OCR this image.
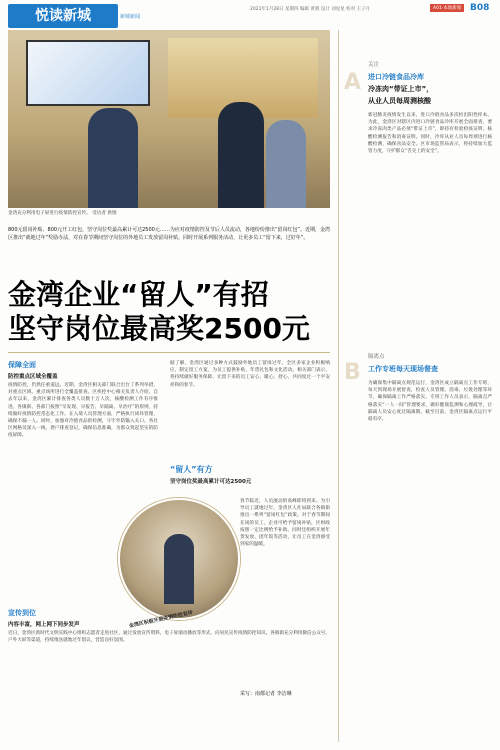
悦读新城	新城新闻
2021年1月28日 星期四 编辑 黄燕 设计 刘星星 校对 王子月	A01·本地新闻 B08
金湾充分利用电子屏进行疫情防控宣传。 受访者 供图
800元留岗补贴、800元开工红包，坚守岗位奖最高累计可达2500元……为应对疫情防控及节后人员流动，各地纷纷推出“留岗红包”。近期，金湾区推出“就地过年”奖励办法，对在春节期间坚守岗位的外地员工发放留岗补贴，同时开展系列服务活动，让更多员工“留下来，过好年”。
金湾企业“留人”有招
坚守岗位最高奖2500元
保障全面
防控重点区域全覆盖
疫情防控，仍然任重道远。近期，金湾区相关部门联合出台了系列举措，对重点区域、重点场所进行全覆盖排查。区疾控中心相关负责人介绍，自去年以来，金湾区累计排查各类人员数十万人次，核酸检测工作有序推进。各镇街、各部门按照“早发现、早报告、早隔离、早治疗”的原则，持续做好疫情防控常态化工作。在入境人员管理方面，严格执行闭环管理，确保不漏一人。同时，加强对冷链食品的检测，守牢外防输入关口。各社区网格员深入一线，逐户排查登记，确保信息准确，为群众筑起坚实的防疫屏障。
宣传到位
内容丰富，网上网下同步发声
近日，金湾区新时代文明实践中心组织志愿者走进社区，通过发放宣传资料、电子屏滚动播放等形式，向居民宣传疫情防控知识。各镇街充分利用微信公众号、户外大屏等渠道，持续推送就地过年倡议，营造良好氛围。
据了解，金湾区通过多种方式鼓励外地员工留岗过年，全区多家企业积极响应，制定留工方案，为员工提供补贴、年货礼包和文化活动。相关部门表示，将持续做好服务保障，让留下来的员工安心、暖心、舒心，共同度过一个平安祥和的春节。
“留人”有方
坚守岗位奖最高累计可达2500元
金湾区积极开展疫情防控宣传
春节临近，人员流动的高峰即将到来。为引导员工就地过年，金湾区人社局联合各镇街推出一系列“留岗红包”政策。对于春节期间在岗的员工，企业可给予留岗补贴，区财政按照一定比例给予补助。同时还组织开展年货发放、团年饭等活动，让员工在金湾感受到家的温暖。
采写：南都记者 李洁琳
A
关注
进口冷链食品冷库
冷冻肉“带证上市”，
从业人员每周测核酸
新冠肺炎疫情发生以来，进口冷链食品多次检出阳性样本。为此，金湾区对辖区内进口冷链食品冷库开展全面排查，要求冷冻肉类产品必须“带证上市”，即持有检验检疫证明、核酸检测报告和消毒证明。同时，冷库从业人员每周须进行核酸检测，确保食品安全。区市场监管局表示，将持续加大监管力度，守护群众“舌尖上的安全”。
B
隔离点
工作专班每天现场督查
为确保集中隔离点规范运行，金湾区成立隔离点工作专班，每天到现场开展督查，检查人员管理、消毒、垃圾处理等环节，确保隔离工作严格落实。专班工作人员表示，隔离点严格落实“一人一间”管理要求，做好健康监测和心理疏导，让隔离人员安心度过隔离期。截至目前，金湾区隔离点运行平稳有序。
